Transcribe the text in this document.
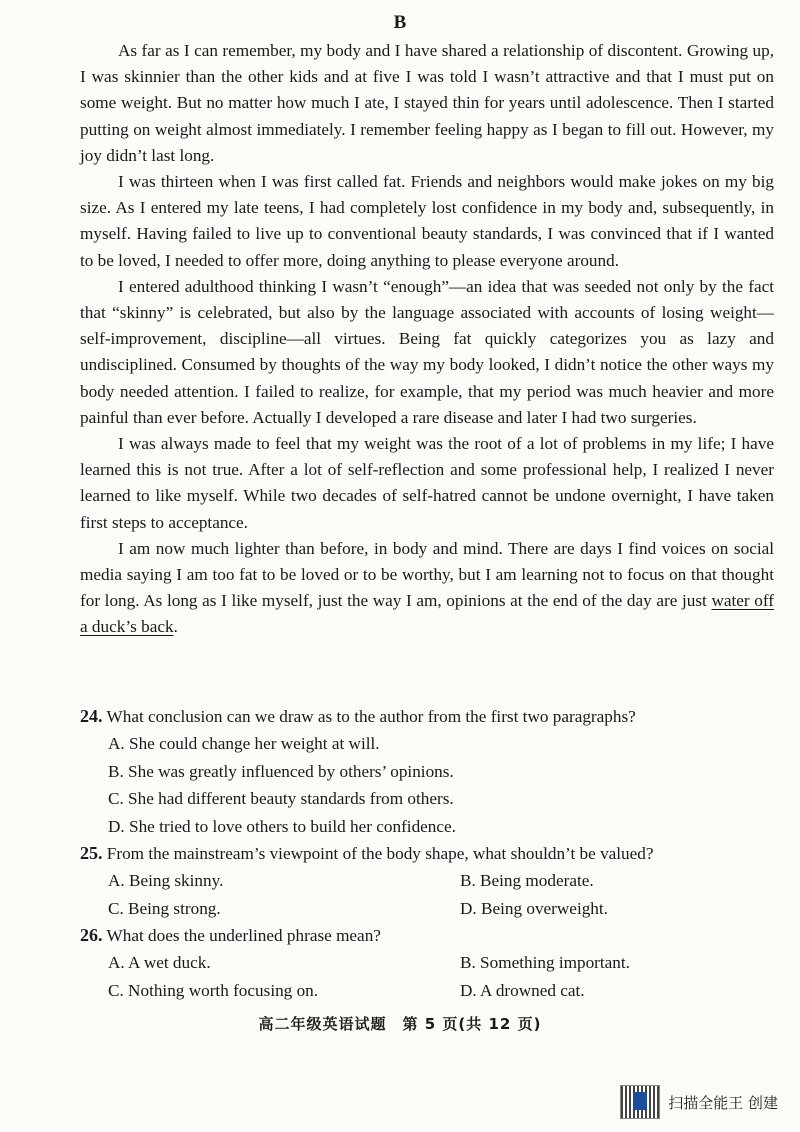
B

As far as I can remember, my body and I have shared a relationship of discontent. Growing up, I was skinnier than the other kids and at five I was told I wasn’t attractive and that I must put on some weight. But no matter how much I ate, I stayed thin for years until adolescence. Then I started putting on weight almost immediately. I remember feeling happy as I began to fill out. However, my joy didn’t last long.

I was thirteen when I was first called fat. Friends and neighbors would make jokes on my big size. As I entered my late teens, I had completely lost confidence in my body and, subsequently, in myself. Having failed to live up to conventional beauty standards, I was convinced that if I wanted to be loved, I needed to offer more, doing anything to please everyone around.

I entered adulthood thinking I wasn’t “enough”—an idea that was seeded not only by the fact that “skinny” is celebrated, but also by the language associated with accounts of losing weight—self-improvement, discipline—all virtues. Being fat quickly categorizes you as lazy and undisciplined. Consumed by thoughts of the way my body looked, I didn’t notice the other ways my body needed attention. I failed to realize, for example, that my period was much heavier and more painful than ever before. Actually I developed a rare disease and later I had two surgeries.

I was always made to feel that my weight was the root of a lot of problems in my life; I have learned this is not true. After a lot of self-reflection and some professional help, I realized I never learned to like myself. While two decades of self-hatred cannot be undone overnight, I have taken first steps to acceptance.

I am now much lighter than before, in body and mind. There are days I find voices on social media saying I am too fat to be loved or to be worthy, but I am learning not to focus on that thought for long. As long as I like myself, just the way I am, opinions at the end of the day are just water off a duck’s back.

24. What conclusion can we draw as to the author from the first two paragraphs?
A. She could change her weight at will.
B. She was greatly influenced by others’ opinions.
C. She had different beauty standards from others.
D. She tried to love others to build her confidence.
25. From the mainstream’s viewpoint of the body shape, what shouldn’t be valued?
A. Being skinny.	B. Being moderate.
C. Being strong.	D. Being overweight.
26. What does the underlined phrase mean?
A. A wet duck.	B. Something important.
C. Nothing worth focusing on.	D. A drowned cat.
高二年级英语试题　第 5 页(共 12 页)
扫描全能王 创建
